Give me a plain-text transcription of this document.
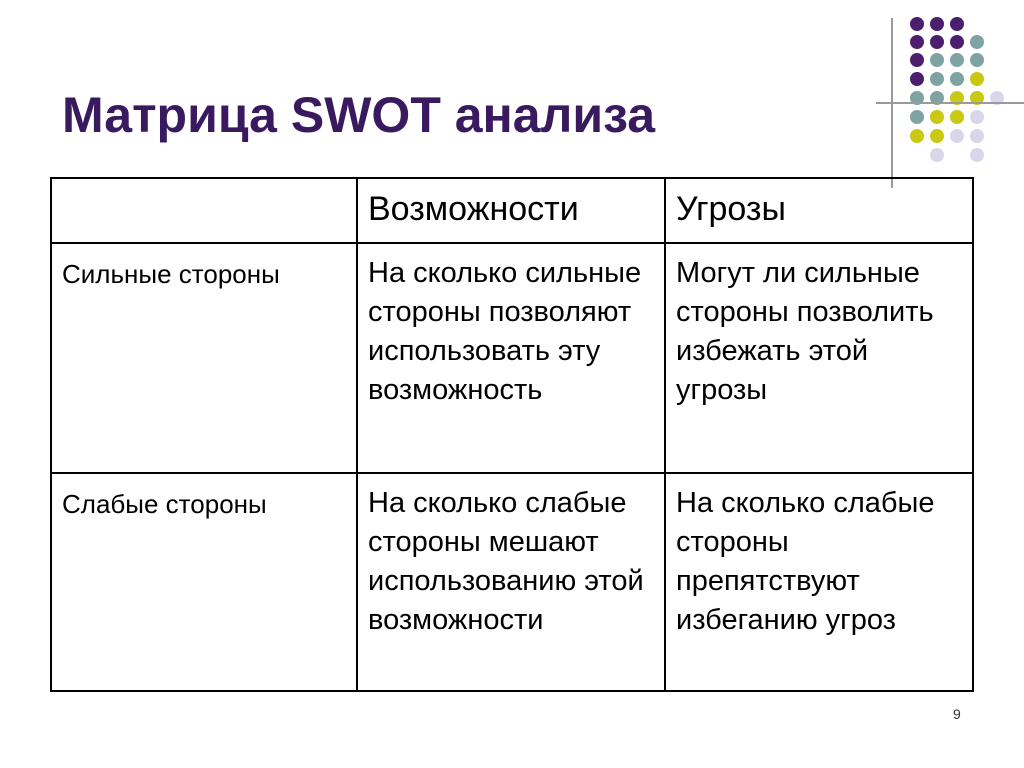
Матрица SWOT анализа
	Возможности	Угрозы
Сильные стороны	На сколько сильные стороны позволяют использовать эту возможность	Могут ли сильные стороны позволить избежать этой угрозы
Слабые стороны	На сколько слабые стороны мешают использованию этой возможности	На сколько слабые стороны препятствуют избеганию угроз
9
